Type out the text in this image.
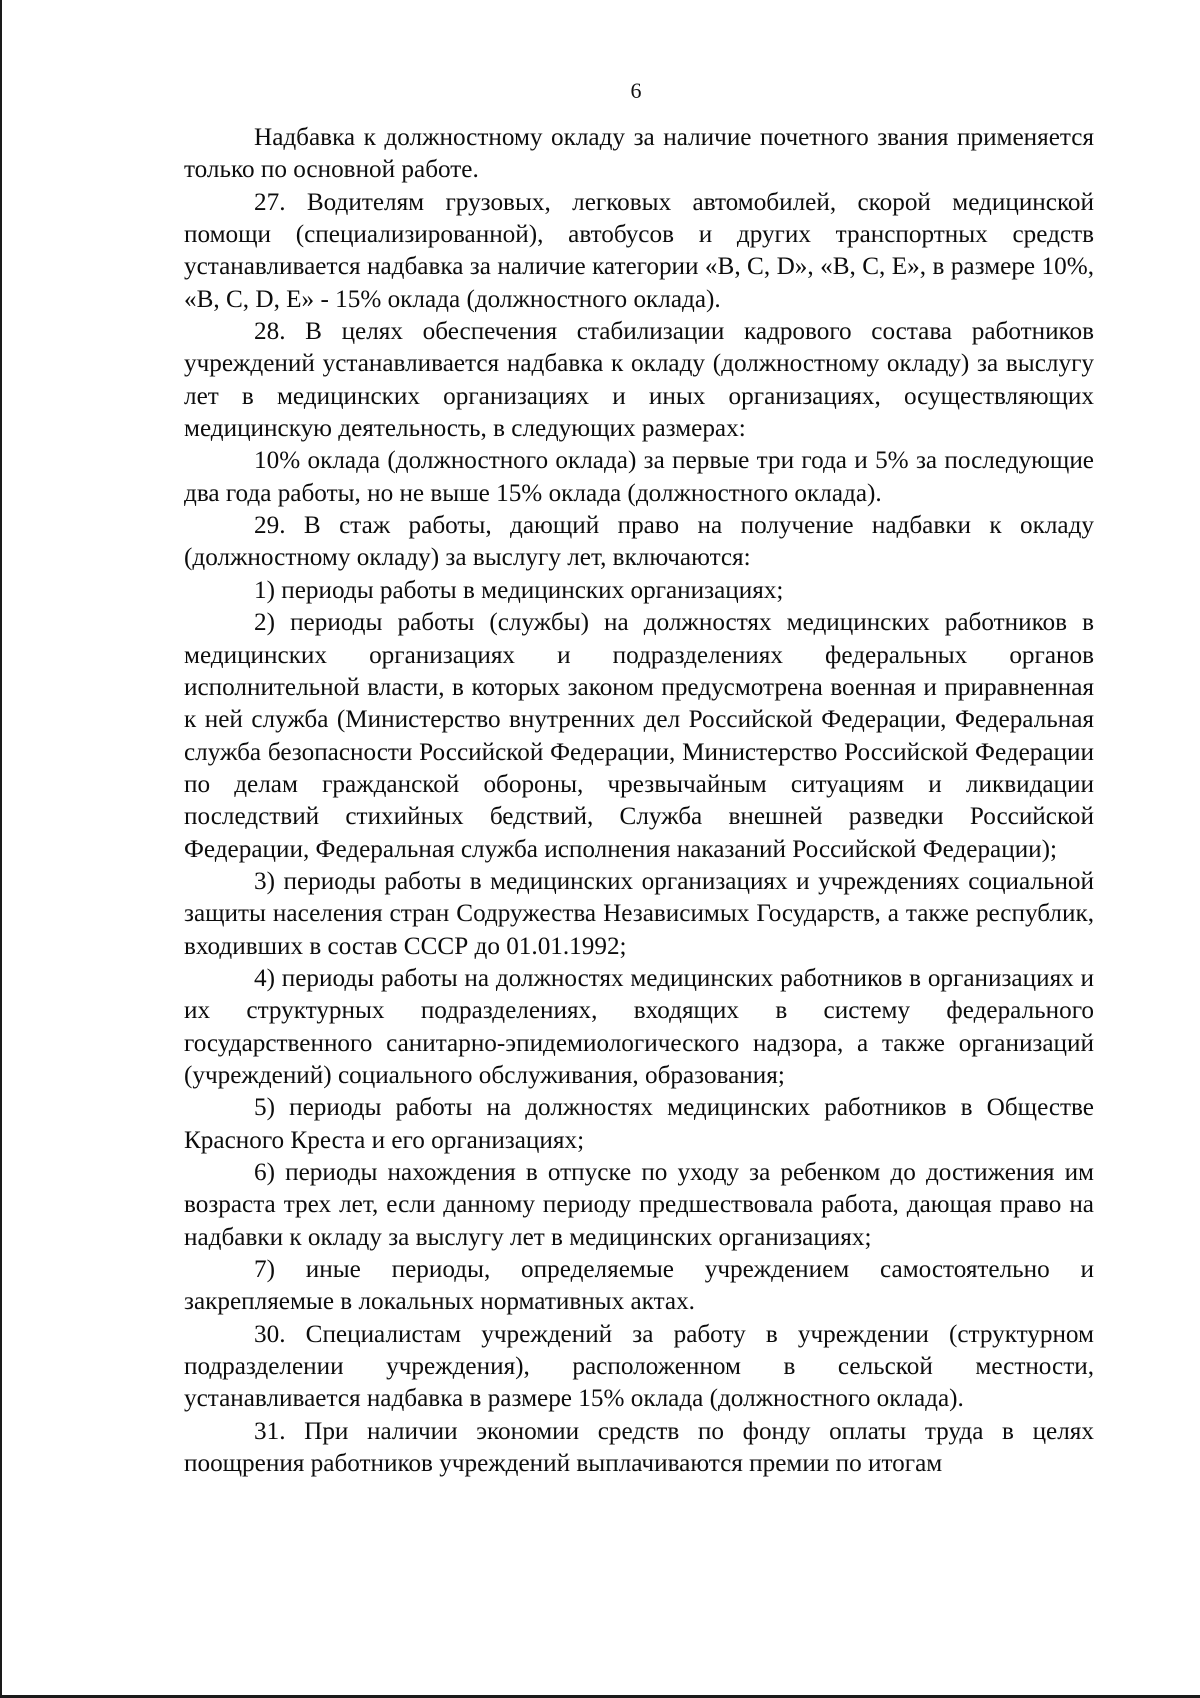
6

Надбавка к должностному окладу за наличие почетного звания применяется только по основной работе.

27. Водителям грузовых, легковых автомобилей, скорой медицинской помощи (специализированной), автобусов и других транспортных средств устанавливается надбавка за наличие категории «В, С, D», «В, С, Е», в размере 10%, «В, С, D, Е» - 15% оклада (должностного оклада).

28. В целях обеспечения стабилизации кадрового состава работников учреждений устанавливается надбавка к окладу (должностному окладу) за выслугу лет в медицинских организациях и иных организациях, осуществляющих медицинскую деятельность, в следующих размерах:

10% оклада (должностного оклада) за первые три года и 5% за последующие два года работы, но не выше 15% оклада (должностного оклада).

29. В стаж работы, дающий право на получение надбавки к окладу (должностному окладу) за выслугу лет, включаются:

1) периоды работы в медицинских организациях;

2) периоды работы (службы) на должностях медицинских работников в медицинских организациях и подразделениях федеральных органов исполнительной власти, в которых законом предусмотрена военная и приравненная к ней служба (Министерство внутренних дел Российской Федерации, Федеральная служба безопасности Российской Федерации, Министерство Российской Федерации по делам гражданской обороны, чрезвычайным ситуациям и ликвидации последствий стихийных бедствий, Служба внешней разведки Российской Федерации, Федеральная служба исполнения наказаний Российской Федерации);

3) периоды работы в медицинских организациях и учреждениях социальной защиты населения стран Содружества Независимых Государств, а также республик, входивших в состав СССР до 01.01.1992;

4) периоды работы на должностях медицинских работников в организациях и их структурных подразделениях, входящих в систему федерального государственного санитарно-эпидемиологического надзора, а также организаций (учреждений) социального обслуживания, образования;

5) периоды работы на должностях медицинских работников в Обществе Красного Креста и его организациях;

6) периоды нахождения в отпуске по уходу за ребенком до достижения им возраста трех лет, если данному периоду предшествовала работа, дающая право на надбавки к окладу за выслугу лет в медицинских организациях;

7) иные периоды, определяемые учреждением самостоятельно и закрепляемые в локальных нормативных актах.

30. Специалистам учреждений за работу в учреждении (структурном подразделении учреждения), расположенном в сельской местности, устанавливается надбавка в размере 15% оклада (должностного оклада).

31. При наличии экономии средств по фонду оплаты труда в целях поощрения работников учреждений выплачиваются премии по итогам
